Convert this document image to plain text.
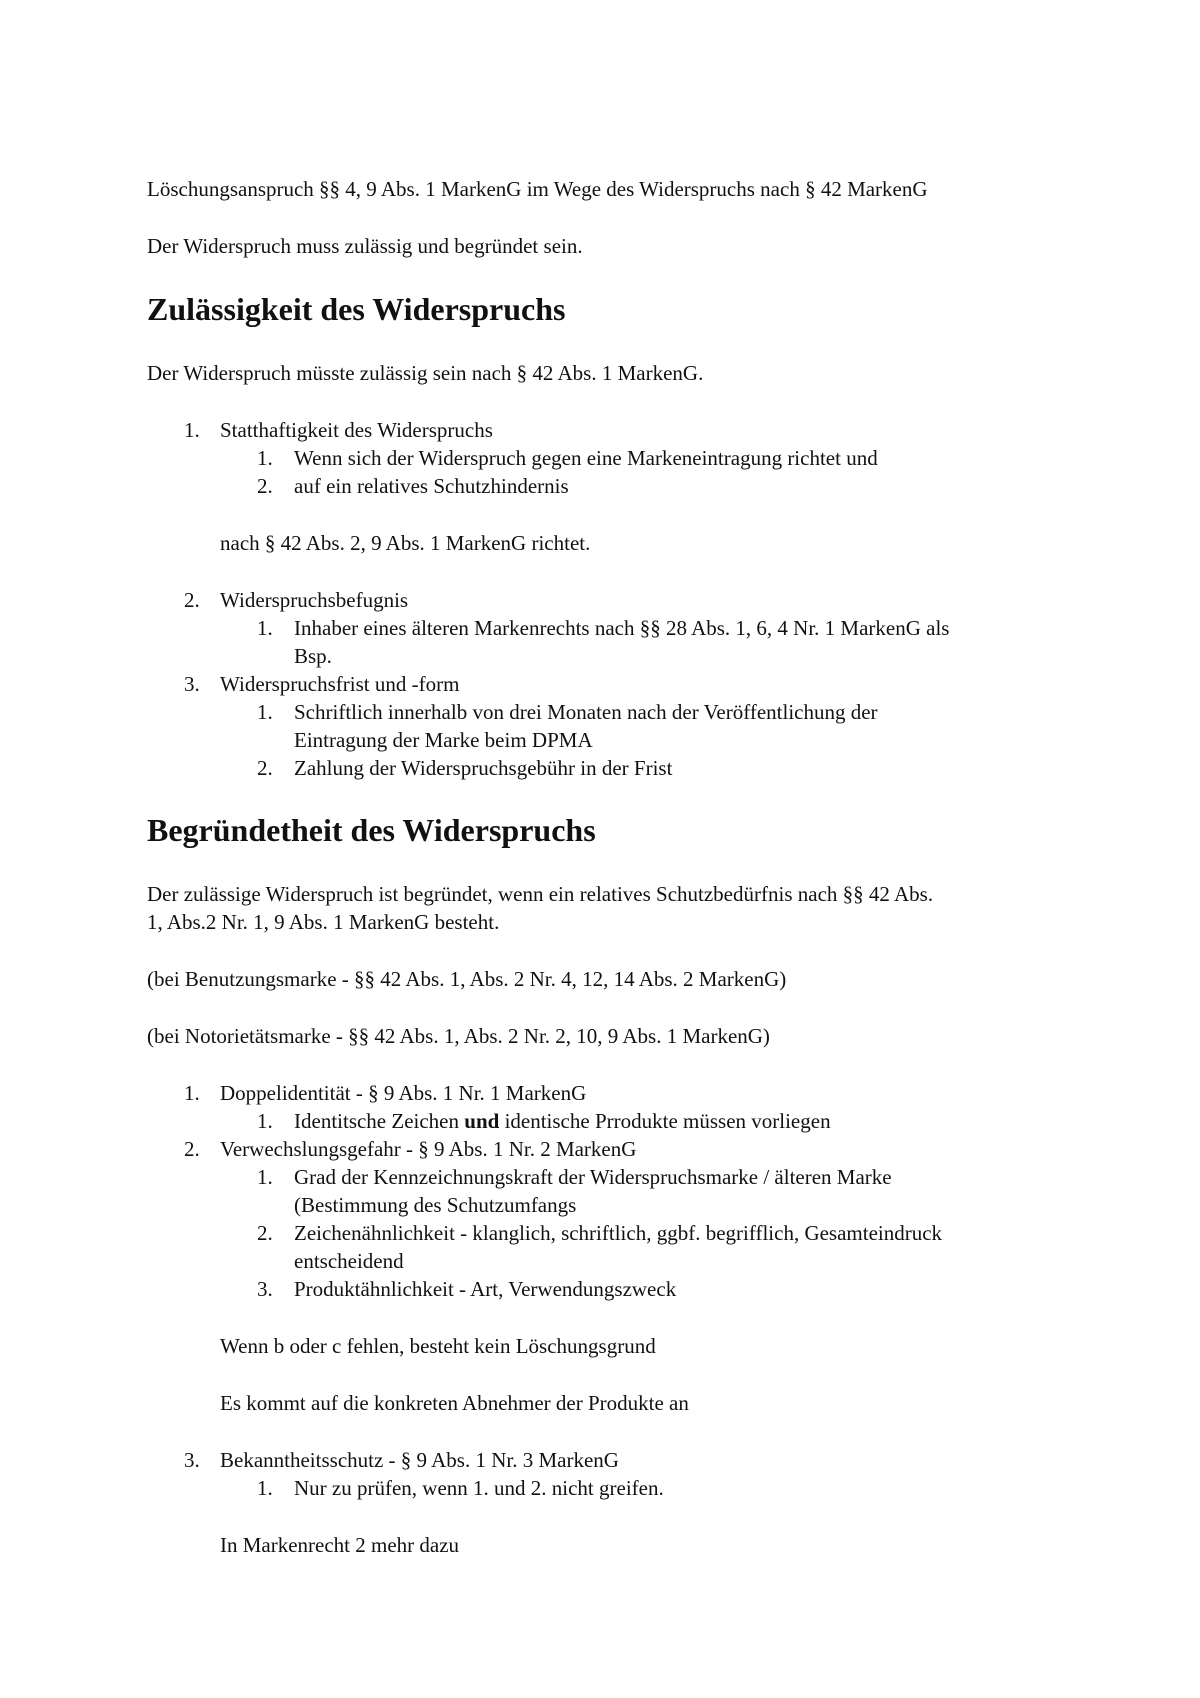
Löschungsanspruch §§ 4, 9 Abs. 1 MarkenG im Wege des Widerspruchs nach § 42 MarkenG

Der Widerspruch muss zulässig und begründet sein.

Zulässigkeit des Widerspruchs

Der Widerspruch müsste zulässig sein nach § 42 Abs. 1 MarkenG.

1. Statthaftigkeit des Widerspruchs
1. Wenn sich der Widerspruch gegen eine Markeneintragung richtet und
2. auf ein relatives Schutzhindernis

nach § 42 Abs. 2, 9 Abs. 1 MarkenG richtet.

2. Widerspruchsbefugnis
1. Inhaber eines älteren Markenrechts nach §§ 28 Abs. 1, 6, 4 Nr. 1 MarkenG als
Bsp.
3. Widerspruchsfrist und -form
1. Schriftlich innerhalb von drei Monaten nach der Veröffentlichung der
Eintragung der Marke beim DPMA
2. Zahlung der Widerspruchsgebühr in der Frist
Begründetheit des Widerspruchs

Der zulässige Widerspruch ist begründet, wenn ein relatives Schutzbedürfnis nach §§ 42 Abs.

1, Abs.2 Nr. 1, 9 Abs. 1 MarkenG besteht.

(bei Benutzungsmarke - §§ 42 Abs. 1, Abs. 2 Nr. 4, 12, 14 Abs. 2 MarkenG)

(bei Notorietätsmarke - §§ 42 Abs. 1, Abs. 2 Nr. 2, 10, 9 Abs. 1 MarkenG)

1. Doppelidentität - § 9 Abs. 1 Nr. 1 MarkenG
1. Identitsche Zeichen und identische Prrodukte müssen vorliegen
2. Verwechslungsgefahr - § 9 Abs. 1 Nr. 2 MarkenG
1. Grad der Kennzeichnungskraft der Widerspruchsmarke / älteren Marke
(Bestimmung des Schutzumfangs
2. Zeichenähnlichkeit - klanglich, schriftlich, ggbf. begrifflich, Gesamteindruck
entscheidend
3. Produktähnlichkeit - Art, Verwendungszweck

Wenn b oder c fehlen, besteht kein Löschungsgrund

Es kommt auf die konkreten Abnehmer der Produkte an

3. Bekanntheitsschutz - § 9 Abs. 1 Nr. 3 MarkenG
1. Nur zu prüfen, wenn 1. und 2. nicht greifen.

In Markenrecht 2 mehr dazu
